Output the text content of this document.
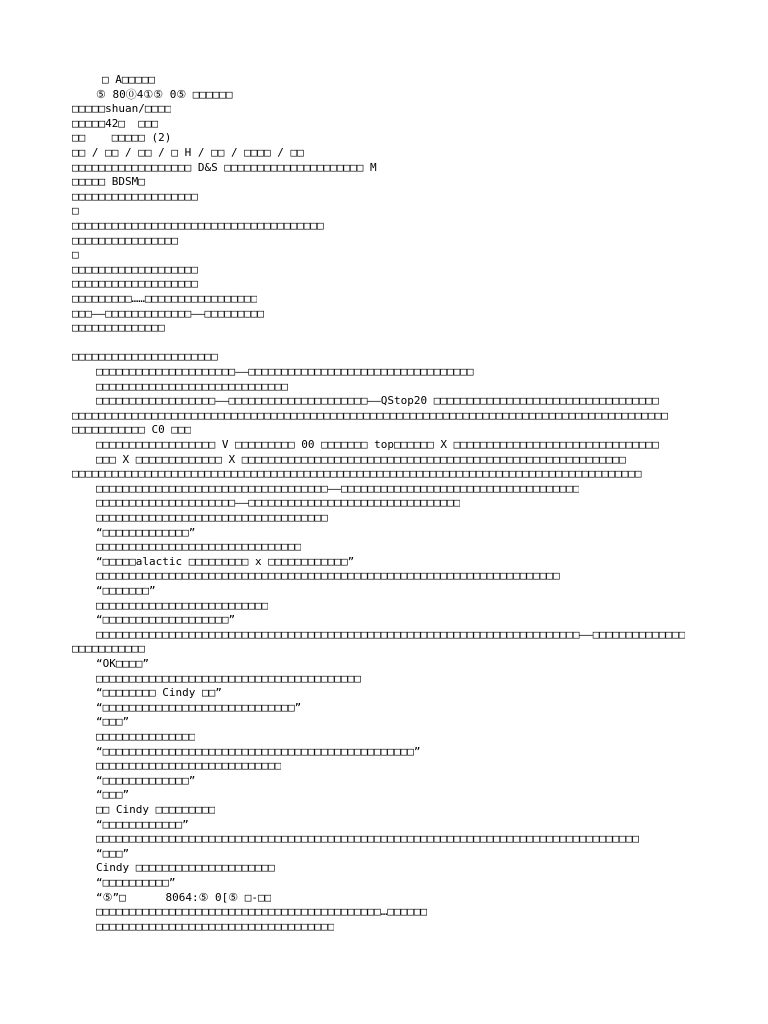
□ A□□□□□
⑤ 80⓪4①⑤ 0⑤ □□□□□□
□□□□□shuan/□□□□
□□□□□42□  □□□
□□    □□□□□ (2)
□□ / □□ / □□ / □ H / □□ / □□□□ / □□
□□□□□□□□□□□□□□□□□□ D&S □□□□□□□□□□□□□□□□□□□□□ M
□□□□□ BDSM□
□□□□□□□□□□□□□□□□□□□
□
□□□□□□□□□□□□□□□□□□□□□□□□□□□□□□□□□□□□□□
□□□□□□□□□□□□□□□□
□
□□□□□□□□□□□□□□□□□□□
□□□□□□□□□□□□□□□□□□□
□□□□□□□□□……□□□□□□□□□□□□□□□□□
□□□——□□□□□□□□□□□□□——□□□□□□□□□
□□□□□□□□□□□□□□
□□□□□□□□□□□□□□□□□□□□□□
□□□□□□□□□□□□□□□□□□□□□——□□□□□□□□□□□□□□□□□□□□□□□□□□□□□□□□□□
□□□□□□□□□□□□□□□□□□□□□□□□□□□□□
□□□□□□□□□□□□□□□□□□——□□□□□□□□□□□□□□□□□□□□□——QStop20 □□□□□□□□□□□□□□□□□□□□□□□□□□□□□□□□□□
□□□□□□□□□□□□□□□□□□□□□□□□□□□□□□□□□□□□□□□□□□□□□□□□□□□□□□□□□□□□□□□□□□□□□□□□□□□□□□□□□□□□□□□□□□
□□□□□□□□□□□ C0 □□□
□□□□□□□□□□□□□□□□□□ V □□□□□□□□□ 00 □□□□□□□ top□□□□□□ X □□□□□□□□□□□□□□□□□□□□□□□□□□□□□□□
□□□ X □□□□□□□□□□□□□ X □□□□□□□□□□□□□□□□□□□□□□□□□□□□□□□□□□□□□□□□□□□□□□□□□□□□□□□□□□
□□□□□□□□□□□□□□□□□□□□□□□□□□□□□□□□□□□□□□□□□□□□□□□□□□□□□□□□□□□□□□□□□□□□□□□□□□□□□□□□□□□□□□
□□□□□□□□□□□□□□□□□□□□□□□□□□□□□□□□□□□——□□□□□□□□□□□□□□□□□□□□□□□□□□□□□□□□□□□□
□□□□□□□□□□□□□□□□□□□□□——□□□□□□□□□□□□□□□□□□□□□□□□□□□□□□□□
□□□□□□□□□□□□□□□□□□□□□□□□□□□□□□□□□□□
“□□□□□□□□□□□□□”
□□□□□□□□□□□□□□□□□□□□□□□□□□□□□□□
“□□□□□alactic □□□□□□□□□ x □□□□□□□□□□□□”
□□□□□□□□□□□□□□□□□□□□□□□□□□□□□□□□□□□□□□□□□□□□□□□□□□□□□□□□□□□□□□□□□□□□□□
“□□□□□□□”
□□□□□□□□□□□□□□□□□□□□□□□□□□
“□□□□□□□□□□□□□□□□□□□”
□□□□□□□□□□□□□□□□□□□□□□□□□□□□□□□□□□□□□□□□□□□□□□□□□□□□□□□□□□□□□□□□□□□□□□□□□——□□□□□□□□□□□□□□
□□□□□□□□□□□
“OK□□□□”
□□□□□□□□□□□□□□□□□□□□□□□□□□□□□□□□□□□□□□□□
“□□□□□□□□ Cindy □□”
“□□□□□□□□□□□□□□□□□□□□□□□□□□□□□”
“□□□”
□□□□□□□□□□□□□□□
“□□□□□□□□□□□□□□□□□□□□□□□□□□□□□□□□□□□□□□□□□□□□□□□”
□□□□□□□□□□□□□□□□□□□□□□□□□□□□
“□□□□□□□□□□□□□”
“□□□”
□□ Cindy □□□□□□□□□
“□□□□□□□□□□□□”
□□□□□□□□□□□□□□□□□□□□□□□□□□□□□□□□□□□□□□□□□□□□□□□□□□□□□□□□□□□□□□□□□□□□□□□□□□□□□□□□□□
“□□□”
Cindy □□□□□□□□□□□□□□□□□□□□□
“□□□□□□□□□□”
“⑤”□      8064:⑤ 0[⑤ □-□□
□□□□□□□□□□□□□□□□□□□□□□□□□□□□□□□□□□□□□□□□□□□…□□□□□□
□□□□□□□□□□□□□□□□□□□□□□□□□□□□□□□□□□□□
